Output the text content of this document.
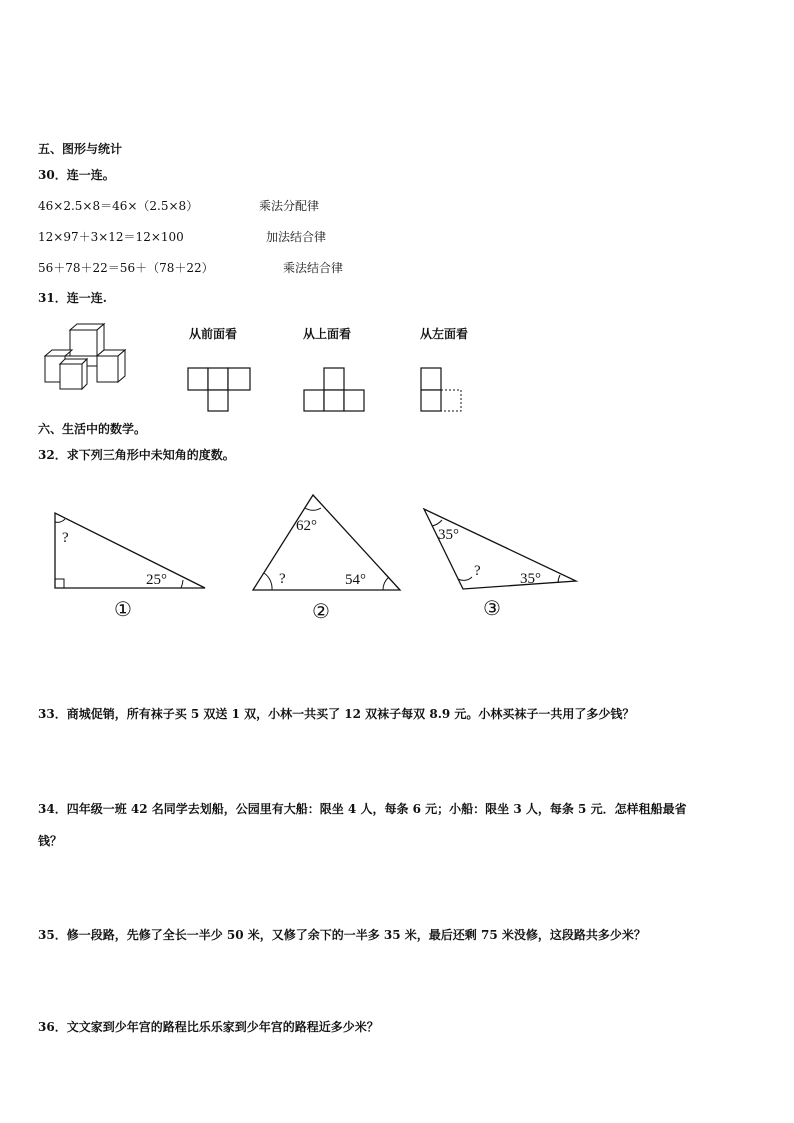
五、图形与统计
30．连一连。
46×2.5×8＝46×（2.5×8）	乘法分配律
12×97＋3×12＝12×100	加法结合律
56＋78＋22＝56＋（78＋22）	乘法结合律
31．连一连.
从前面看	从上面看	从左面看
六、生活中的数学。
32．求下列三角形中未知角的度数。
?
25°
①
62°
?	54°
②
35°
?	35°
③
33．商城促销，所有袜子买 5 双送 1 双，小林一共买了 12 双袜子每双 8.9 元。小林买袜子一共用了多少钱？
34．四年级一班 42 名同学去划船，公园里有大船：限坐 4 人，每条 6 元；小船：限坐 3 人，每条 5 元．怎样租船最省
钱？
35．修一段路，先修了全长一半少 50 米，又修了余下的一半多 35 米，最后还剩 75 米没修，这段路共多少米？
36．文文家到少年宫的路程比乐乐家到少年宫的路程近多少米？
